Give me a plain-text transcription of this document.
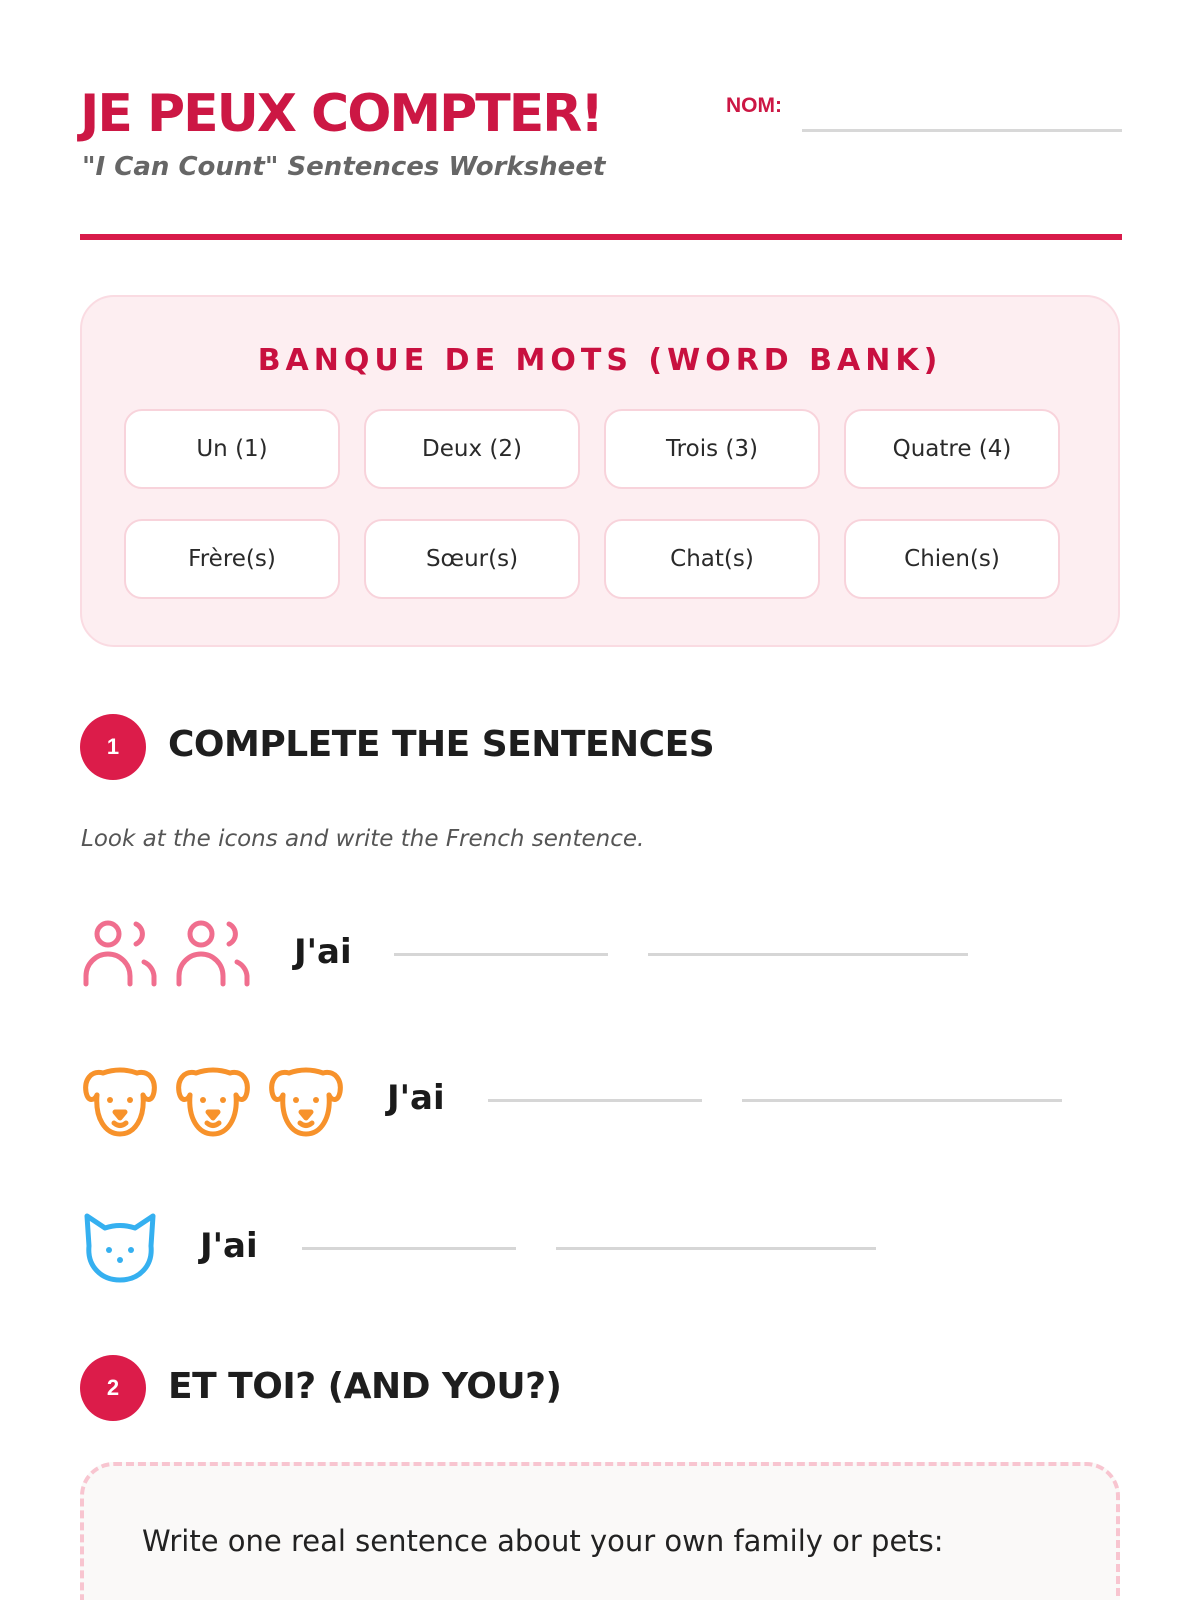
JE PEUX COMPTER!
"I Can Count" Sentences Worksheet
NOM:
BANQUE DE MOTS (WORD BANK)
Un (1)	Deux (2)	Trois (3)	Quatre (4)
Frère(s)	Sœur(s)	Chat(s)	Chien(s)
1	COMPLETE THE SENTENCES
Look at the icons and write the French sentence.
J'ai
J'ai
J'ai
2	ET TOI? (AND YOU?)
Write one real sentence about your own family or pets:
